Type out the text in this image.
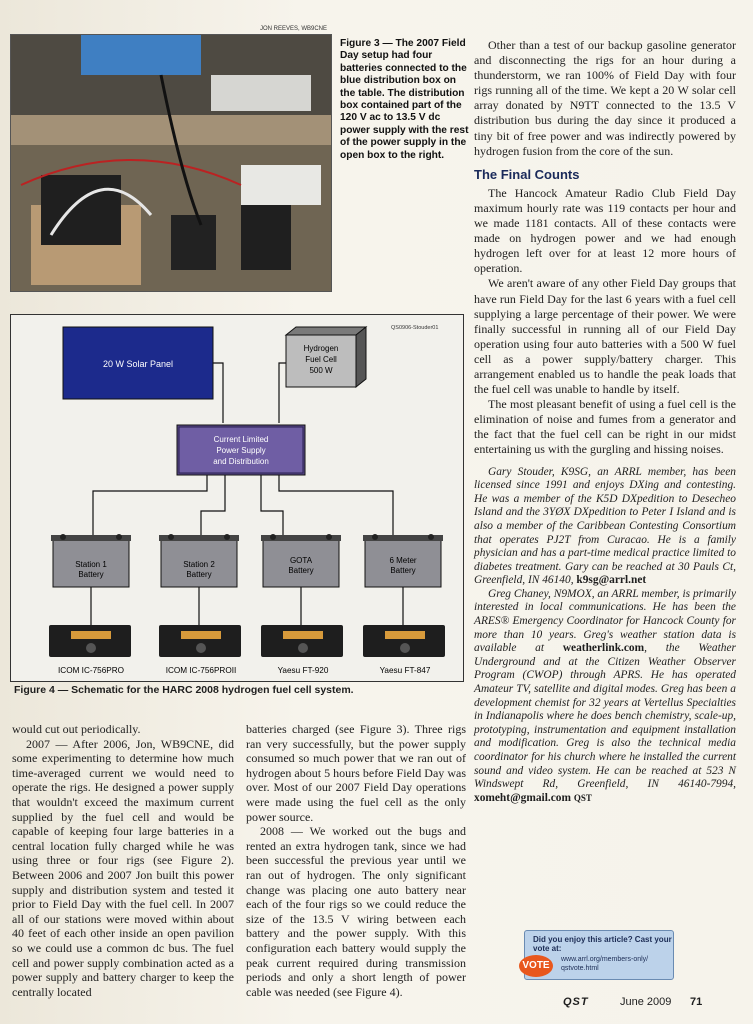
JON REEVES, WB9CNE
Figure 3 — The 2007 Field Day setup had four batteries connected to the blue distribution box on the table. The distribution box contained part of the 120 V ac to 13.5 V dc power supply with the rest of the power supply in the open box to the right.

Other than a test of our backup gasoline generator and disconnecting the rigs for an hour during a thunderstorm, we ran 100% of Field Day with four rigs running all of the time. We kept a 20 W solar cell array donated by N9TT connected to the 13.5 V distribution bus during the day since it produced a tiny bit of free power and was indirectly powered by hydrogen fusion from the core of the sun.

The Final Counts

The Hancock Amateur Radio Club Field Day maximum hourly rate was 119 contacts per hour and we made 1181 contacts. All of these contacts were made on hydrogen power and we had enough hydrogen left over for at least 12 more hours of operation.

We aren't aware of any other Field Day groups that have run Field Day for the last 6 years with a fuel cell supplying a large percentage of their power. We were finally successful in running all of our Field Day operation using four auto batteries with a 500 W fuel cell as a power supply/battery charger. This arrangement enabled us to handle the peak loads that the fuel cell was unable to handle by itself.

The most pleasant benefit of using a fuel cell is the elimination of noise and fumes from a generator and the fact that the fuel cell can be right in our midst entertaining us with the gurgling and hissing noises.

Gary Stouder, K9SG, an ARRL member, has been licensed since 1991 and enjoys DXing and contesting. He was a member of the K5D DXpedition to Desecheo Island and the 3YØX DXpedition to Peter I Island and is also a member of the Caribbean Contesting Consortium that operates PJ2T from Curacao. He is a family physician and has a part-time medical practice limited to diabetes treatment. Gary can be reached at 30 Pauls Ct, Greenfield, IN 46140, k9sg@arrl.net

Greg Chaney, N9MOX, an ARRL member, is primarily interested in local communications. He has been the ARES® Emergency Coordinator for Hancock County for more than 10 years. Greg's weather station data is available at weatherlink.com, the Weather Underground and at the Citizen Weather Observer Program (CWOP) through APRS. He has operated Amateur TV, satellite and digital modes. Greg has been a development chemist for 32 years at Vertellus Specialties in Indianapolis where he does bench chemistry, scale-up, prototyping, instrumentation and equipment installation and modification. Greg is also the technical media coordinator for his church where he installed the current sound and video system. He can be reached at 523 N Windswept Rd, Greenfield, IN 46140-7994, xomeht@gmail.com QST

QS0906-Stouder01
20 W Solar Panel
Hydrogen
Fuel Cell
500 W
Current Limited
Power Supply
and Distribution
Station 1
Battery
Station 2
Battery
GOTA
Battery
6 Meter
Battery
ICOM IC-756PRO	ICOM IC-756PROII	Yaesu FT-920	Yaesu FT-847
Figure 4 — Schematic for the HARC 2008 hydrogen fuel cell system.

would cut out periodically.

2007 — After 2006, Jon, WB9CNE, did some experimenting to determine how much time-averaged current we would need to operate the rigs. He designed a power supply that wouldn't exceed the maximum current supplied by the fuel cell and would be capable of keeping four large batteries in a central location fully charged while he was using three or four rigs (see Figure 2). Between 2006 and 2007 Jon built this power supply and distribution system and tested it prior to Field Day with the fuel cell. In 2007 all of our stations were moved within about 40 feet of each other inside an open pavilion so we could use a common dc bus. The fuel cell and power supply combination acted as a power supply and battery charger to keep the centrally located

batteries charged (see Figure 3). Three rigs ran very successfully, but the power supply consumed so much power that we ran out of hydrogen about 5 hours before Field Day was over. Most of our 2007 Field Day operations were made using the fuel cell as the only power source.

2008 — We worked out the bugs and rented an extra hydrogen tank, since we had been successful the previous year until we ran out of hydrogen. The only significant change was placing one auto battery near each of the four rigs so we could reduce the size of the 13.5 V wiring between each battery and the power supply. With this configuration each battery would supply the peak current required during transmission periods and only a short length of power cable was needed (see Figure 4).

Did you enjoy this article? Cast your vote at:
VOTE
www.arrl.org/members-only/
qstvote.html
QST	June 2009 71
